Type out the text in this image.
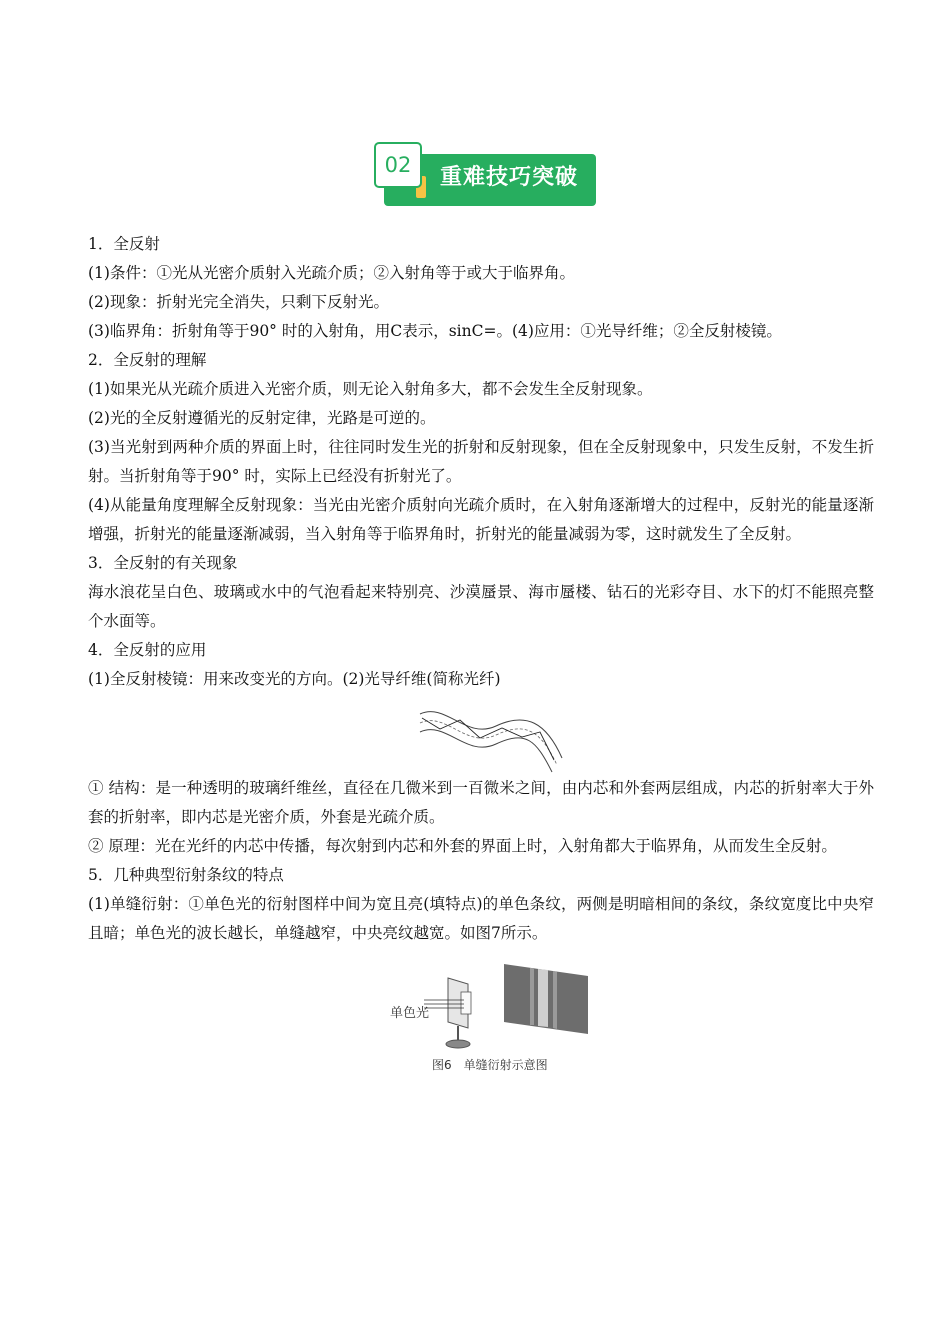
02	重难技巧突破
1．全反射
(1)条件：①光从光密介质射入光疏介质；②入射角等于或大于临界角。
(2)现象：折射光完全消失，只剩下反射光。
(3)临界角：折射角等于90° 时的入射角，用C表示，sinC=。(4)应用：①光导纤维；②全反射棱镜。
2．全反射的理解
(1)如果光从光疏介质进入光密介质，则无论入射角多大，都不会发生全反射现象。
(2)光的全反射遵循光的反射定律，光路是可逆的。
(3)当光射到两种介质的界面上时，往往同时发生光的折射和反射现象，但在全反射现象中，只发生反射，不发生折射。当折射角等于90° 时，实际上已经没有折射光了。
(4)从能量角度理解全反射现象：当光由光密介质射向光疏介质时，在入射角逐渐增大的过程中，反射光的能量逐渐增强，折射光的能量逐渐减弱，当入射角等于临界角时，折射光的能量减弱为零，这时就发生了全反射。
3．全反射的有关现象
海水浪花呈白色、玻璃或水中的气泡看起来特别亮、沙漠蜃景、海市蜃楼、钻石的光彩夺目、水下的灯不能照亮整个水面等。
4．全反射的应用
(1)全反射棱镜：用来改变光的方向。(2)光导纤维(简称光纤)
① 结构：是一种透明的玻璃纤维丝，直径在几微米到一百微米之间，由内芯和外套两层组成，内芯的折射率大于外套的折射率，即内芯是光密介质，外套是光疏介质。
② 原理：光在光纤的内芯中传播，每次射到内芯和外套的界面上时，入射角都大于临界角，从而发生全反射。
5．几种典型衍射条纹的特点
(1)单缝衍射：①单色光的衍射图样中间为宽且亮(填特点)的单色条纹，两侧是明暗相间的条纹，条纹宽度比中央窄且暗；单色光的波长越长，单缝越窄，中央亮纹越宽。如图7所示。
单色光
图6 单缝衍射示意图
